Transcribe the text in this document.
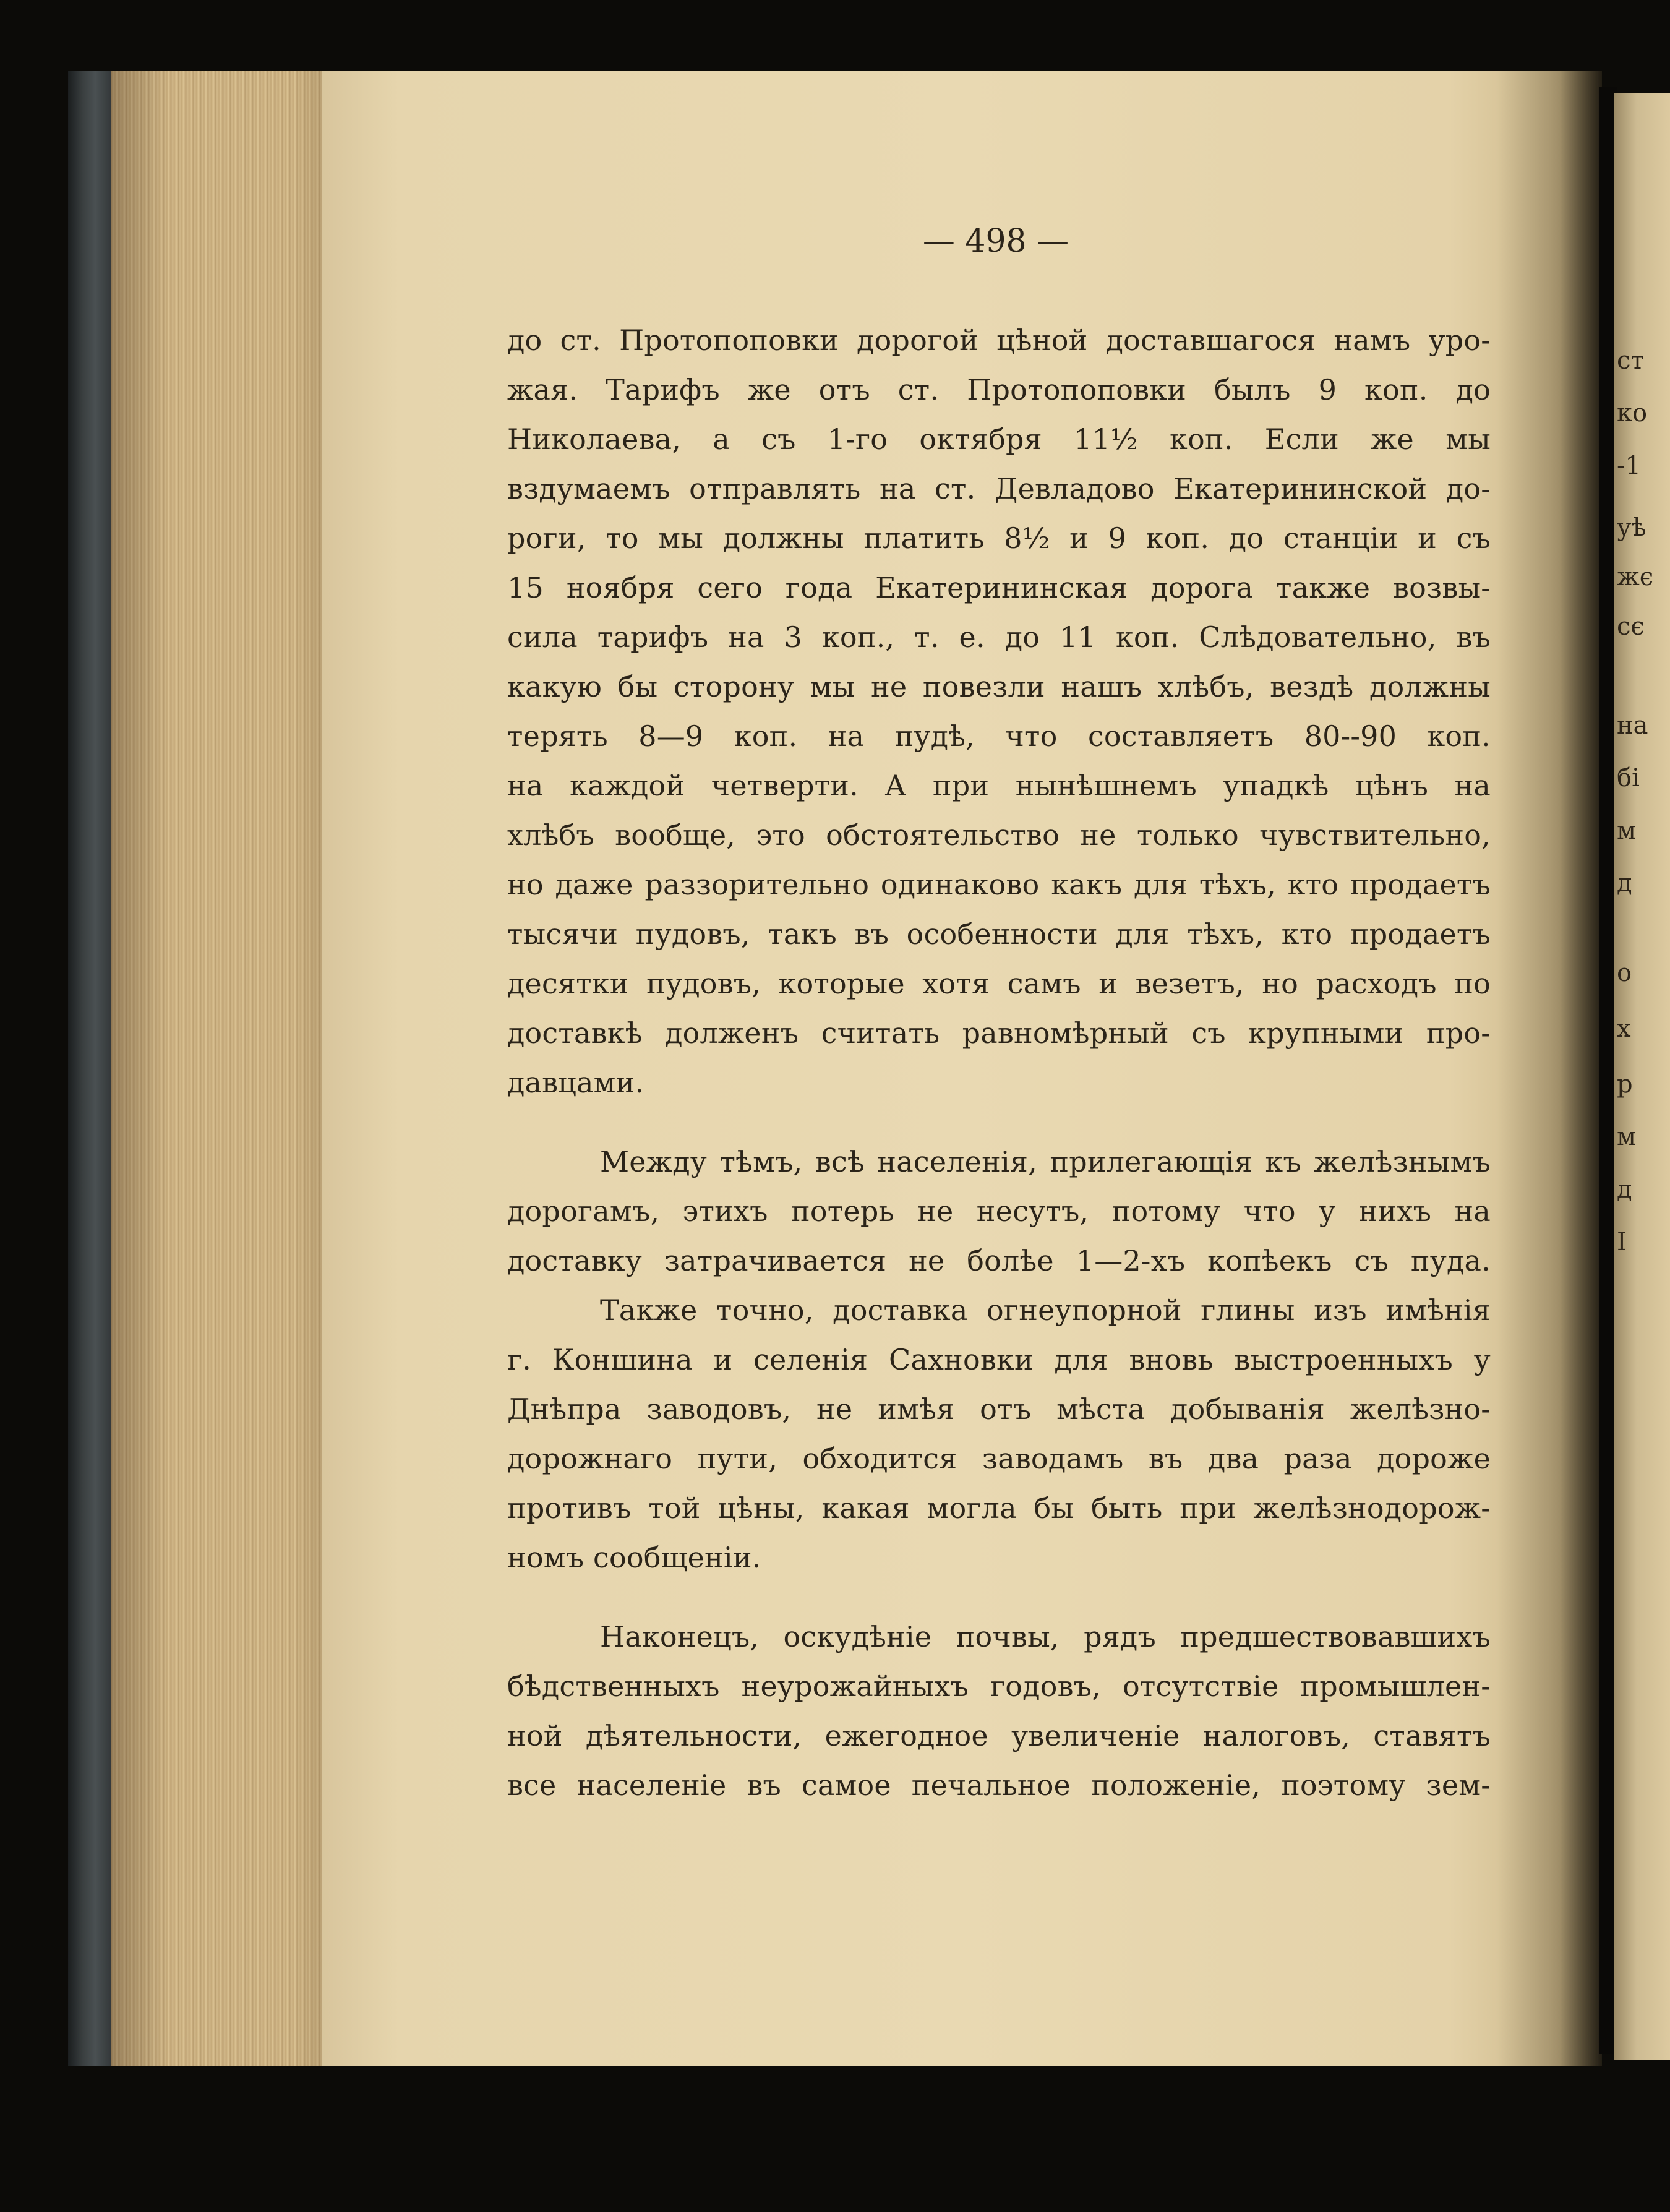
ст
ко
-1
уѣ
жє
сє
на
бі
м
д
о
х
р
м
д
І
— 498 —
до ст. Протопоповки дорогой цѣной доставшагося намъ уро-
жая. Тарифъ же отъ ст. Протопоповки былъ 9 коп. до
Николаева, а съ 1-го октября 11½ коп. Если же мы
вздумаемъ отправлять на ст. Девладово Екатерининской до-
роги, то мы должны платить 8½ и 9 коп. до станціи и съ
15 ноября сего года Екатерининская дорога также возвы-
сила тарифъ на 3 коп., т. е. до 11 коп. Слѣдовательно, въ
какую бы сторону мы не повезли нашъ хлѣбъ, вездѣ должны
терять 8—9 коп. на пудѣ, что составляетъ 80--90 коп.
на каждой четверти. А при нынѣшнемъ упадкѣ цѣнъ на
хлѣбъ вообще, это обстоятельство не только чувствительно,
но даже раззорительно одинаково какъ для тѣхъ, кто продаетъ
тысячи пудовъ, такъ въ особенности для тѣхъ, кто продаетъ
десятки пудовъ, которые хотя самъ и везетъ, но расходъ по
доставкѣ долженъ считать равномѣрный съ крупными про-
давцами.
Между тѣмъ, всѣ населенія, прилегающія къ желѣзнымъ
дорогамъ, этихъ потерь не несутъ, потому что у нихъ на
доставку затрачивается не болѣе 1—2-хъ копѣекъ съ пуда.
Также точно, доставка огнеупорной глины изъ имѣнія
г. Коншина и селенія Сахновки для вновь выстроенныхъ у
Днѣпра заводовъ, не имѣя отъ мѣста добыванія желѣзно-
дорожнаго пути, обходится заводамъ въ два раза дороже
противъ той цѣны, какая могла бы быть при желѣзнодорож-
номъ сообщеніи.
Наконецъ, оскудѣніе почвы, рядъ предшествовавшихъ
бѣдственныхъ неурожайныхъ годовъ, отсутствіе промышлен-
ной дѣятельности, ежегодное увеличеніе налоговъ, ставятъ
все населеніе въ самое печальное положеніе, поэтому зем-
